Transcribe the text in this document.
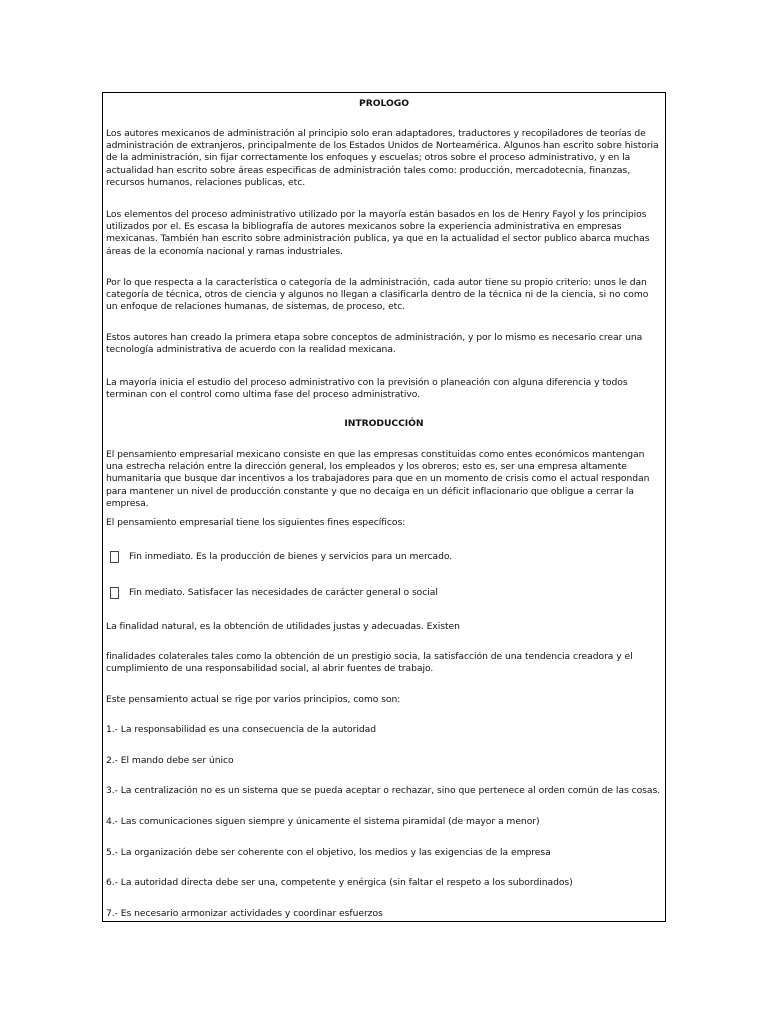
PROLOGO
Los autores mexicanos de administración al principio solo eran adaptadores, traductores y recopiladores de teorías de administración de extranjeros, principalmente de los Estados Unidos de Norteamérica. Algunos han escrito sobre historia de la administración, sin fijar correctamente los enfoques y escuelas; otros sobre el proceso administrativo, y en la actualidad han escrito sobre áreas especificas de administración tales como: producción, mercadotecnia, finanzas, recursos humanos, relaciones publicas, etc.
Los elementos del proceso administrativo utilizado por la mayoría están basados en los de Henry Fayol y los principios utilizados por el. Es escasa la bibliografía de autores mexicanos sobre la experiencia administrativa en empresas mexicanas. También han escrito sobre administración publica, ya que en la actualidad el sector publico abarca muchas áreas de la economía nacional y ramas industriales.
Por lo que respecta a la característica o categoría de la administración, cada autor tiene su propio criterio: unos le dan categoría de técnica, otros de ciencia y algunos no llegan a clasificarla dentro de la técnica ni de la ciencia, si no como un enfoque de relaciones humanas, de sistemas, de proceso, etc.
Estos autores han creado la primera etapa sobre conceptos de administración, y por lo mismo es necesario crear una tecnología administrativa de acuerdo con la realidad mexicana.
La mayoría inicia el estudio del proceso administrativo con la previsión o planeación con alguna diferencia y todos terminan con el control como ultima fase del proceso administrativo.
INTRODUCCIÓN
El pensamiento empresarial mexicano consiste en que las empresas constituidas como entes económicos mantengan una estrecha relación entre la dirección general, los empleados y los obreros; esto es, ser una empresa altamente humanitaria que busque dar incentivos a los trabajadores para que en un momento de crisis como el actual respondan para mantener un nivel de producción constante y que no decaiga en un déficit inflacionario que obligue a cerrar la empresa.
El pensamiento empresarial tiene los siguientes fines específicos:
Fin inmediato. Es la producción de bienes y servicios para un mercado.
Fin mediato. Satisfacer las necesidades de carácter general o social
La finalidad natural, es la obtención de utilidades justas y adecuadas. Existen
finalidades colaterales tales como la obtención de un prestigio socia, la satisfacción de una tendencia creadora y el cumplimiento de una responsabilidad social, al abrir fuentes de trabajo.
Este pensamiento actual se rige por varios principios, como son:
1.- La responsabilidad es una consecuencia de la autoridad
2.- El mando debe ser único
3.- La centralización no es un sistema que se pueda aceptar o rechazar, sino que pertenece al orden común de las cosas.
4.- Las comunicaciones siguen siempre y únicamente el sistema piramidal (de mayor a menor)
5.- La organización debe ser coherente con el objetivo, los medios y las exigencias de la empresa
6.- La autoridad directa debe ser una, competente y enérgica (sin faltar el respeto a los subordinados)
7.- Es necesario armonizar actividades y coordinar esfuerzos
